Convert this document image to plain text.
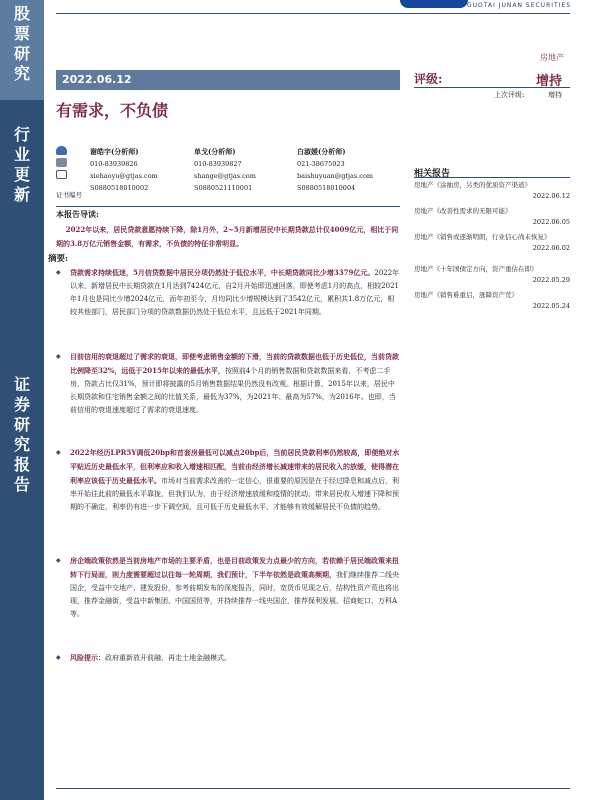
股
票
研
究
行
业
更
新
证
券
研
究
报
告
GUOTAI JUNAN SECURITIES
房地产
2022.06.12
有需求，不负债
评级:	增持
上次评级:	增持
证书编号
谢皓宇(分析师)
010-83939826
xiehaoyu@gtjas.com
S0880518010002
单戈(分析师)
010-83939827
shange@gtjas.com
S0880521110001
白淑媛(分析师)
021-38675923
baishuyuan@gtjas.com
S0880518010004
本报告导读:
2022年以来，居民贷款意愿持续下降，除1月外，2~5月新增居民中长期贷款总计仅4009亿元，相比于同期的3.8万亿元销售金额，有需求，不负债的特征非常明显。
摘要:
◆ 贷款需求持续低迷，5月信贷数据中居民分项仍然处于低位水平，中长期贷款同比少增3379亿元。2022年以来，新增居民中长期贷款在1月达到7424亿元，自2月开始即迅速回落，即使考虑1月的高点，相较2021年1月也是同比少增2024亿元，而年初至今，月均同比少增规模达到了3542亿元，累积共1.8万亿元，相较其他部门，居民部门分项的贷款数据仍然处于低位水平，且远低于2021年同期。
◆ 目前信用的衰退超过了需求的衰退，即便考虑销售金额的下滑，当前的贷款数据也低于历史低位，当前贷款比例降至32%，远低于2015年以来的最低水平，按照前4个月的销售数据和贷款数据来看，不考虑二手房，贷款占比仅31%，预计即将披露的5月销售数据结果仍然没有改观。根据计算，2015年以来，居民中长期贷款和住宅销售金额之间的比值关系，最低为37%，为2021年、最高为57%，为2016年。也即，当前信用的衰退速度超过了需求的衰退速度。
◆ 2022年经历LPR5Y调低20bp和首套房最低可以减点20bp后，当前居民贷款利率仍然较高，即便绝对水平贴近历史最低水平，但利率应和收入增速相匹配，当前由经济增长减速带来的居民收入的放缓，使得潜在利率应该低于历史最低水平。市场对当前需求改善的一定信心，很重要的原因是在于经过降息和减点后，利率开始往此前的最低水平靠拢，但我们认为，由于经济增速放缓和疫情的扰动，带来居民收入增速下降和预期的不确定，利率仍有进一步下调空间，且可低于历史最低水平，才能够有效缓解居民不负债的趋势。
◆ 房企端政策依然是当前房地产市场的主要矛盾，也是目前政策发力点最少的方向，若依赖于居民端政策来扭转下行局面，则力度需要超过以往每一轮周期，我们预计，下半年依然是政策高频期，我们继续推荐二线央国企，受益中交地产、建发股份，参考前期发布的深度报告，同时，宽货币见现之后，结构性资产荒也将出现，推荐金融街，受益中新集团、中国国贸等，并持续推荐一线央国企，推荐保利发展、招商蛇口、万科A等。
◆ 风险提示：政府重新放开前融、再走土地金融模式。
相关报告
房地产《涂抽房，另类的优质资产渠道》
2022.06.12
房地产《改善性需求的无限可能》
2022.06.05
房地产《销售或逐渐明朗，行业信心尚未恢复》
2022.06.02
房地产《十年国债定方向，资产重估在即》
2022.05.29
房地产《销售难重启，涨降资产荒》
2022.05.24
